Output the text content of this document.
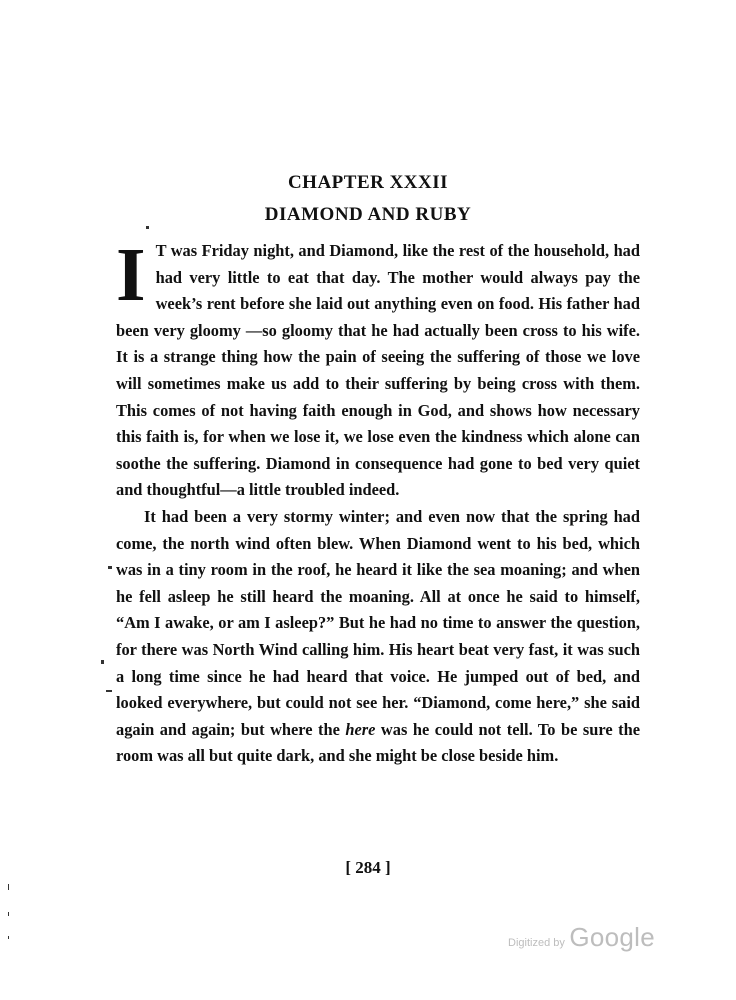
CHAPTER XXXII
DIAMOND AND RUBY

I T was Friday night, and Diamond, like the rest of the household, had had very little to eat that day. The mother would always pay the week’s rent before she laid out anything even on food. His father had been very gloomy —so gloomy that he had actually been cross to his wife. It is a strange thing how the pain of seeing the suffering of those we love will sometimes make us add to their suffering by being cross with them. This comes of not having faith enough in God, and shows how necessary this faith is, for when we lose it, we lose even the kindness which alone can soothe the suffering. Diamond in consequence had gone to bed very quiet and thoughtful—a little troubled indeed.

It had been a very stormy winter; and even now that the spring had come, the north wind often blew. When Diamond went to his bed, which was in a tiny room in the roof, he heard it like the sea moaning; and when he fell asleep he still heard the moaning. All at once he said to himself, “Am I awake, or am I asleep?” But he had no time to answer the question, for there was North Wind calling him. His heart beat very fast, it was such a long time since he had heard that voice. He jumped out of bed, and looked everywhere, but could not see her. “Diamond, come here,” she said again and again; but where the here was he could not tell. To be sure the room was all but quite dark, and she might be close beside him.

[ 284 ]
Digitized by Google
